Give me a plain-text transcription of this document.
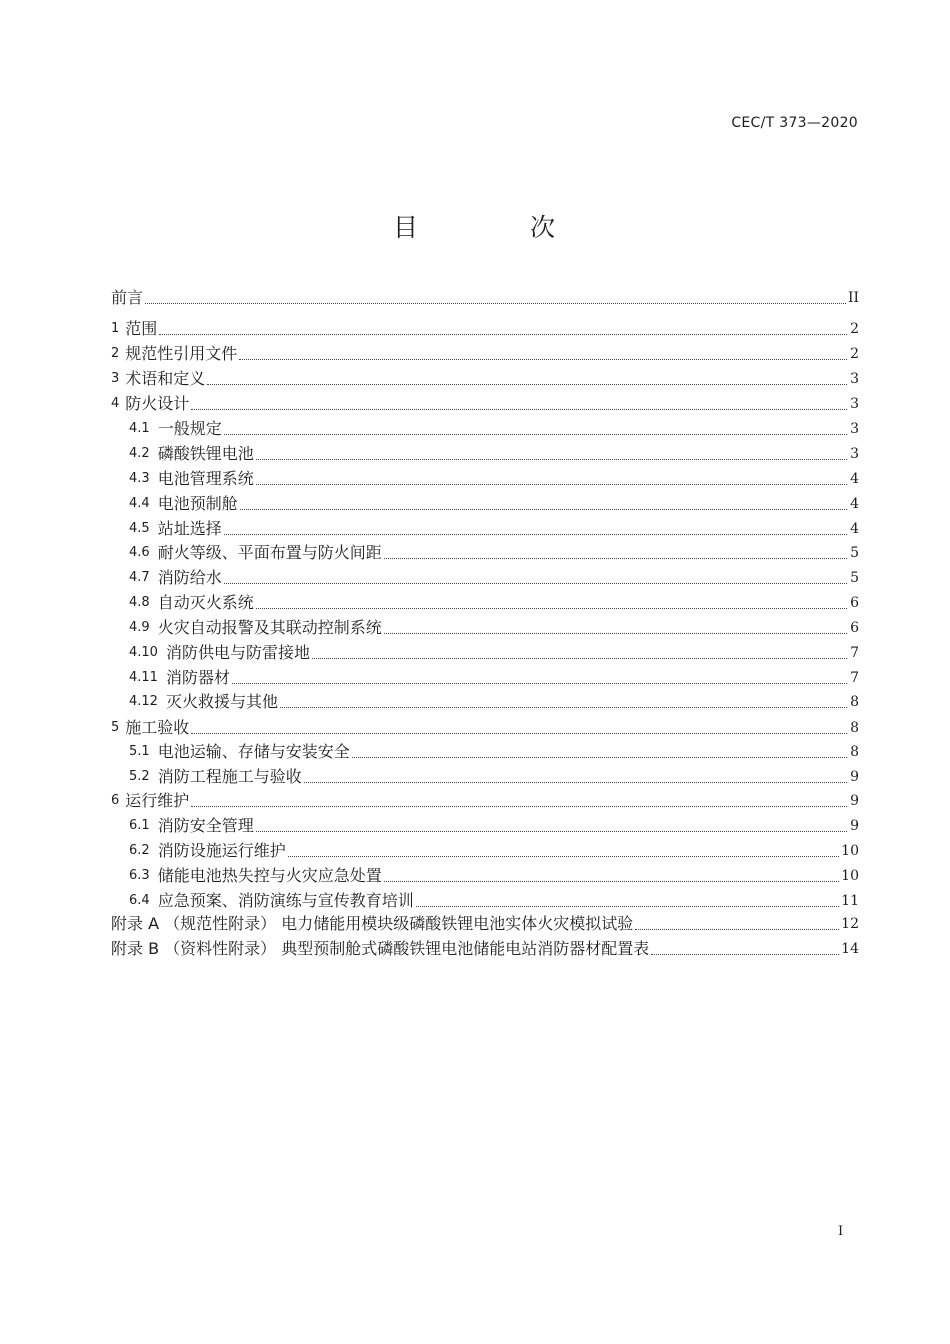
CEC/T 373—2020
目 次
前言	II
1 范围	2
2 规范性引用文件	2
3 术语和定义	3
4 防火设计	3
4.1 一般规定	3
4.2 磷酸铁锂电池	3
4.3 电池管理系统	4
4.4 电池预制舱	4
4.5 站址选择	4
4.6 耐火等级、平面布置与防火间距	5
4.7 消防给水	5
4.8 自动灭火系统	6
4.9 火灾自动报警及其联动控制系统	6
4.10 消防供电与防雷接地	7
4.11 消防器材	7
4.12 灭火救援与其他	8
5 施工验收	8
5.1 电池运输、存储与安装安全	8
5.2 消防工程施工与验收	9
6 运行维护	9
6.1 消防安全管理	9
6.2 消防设施运行维护	10
6.3 储能电池热失控与火灾应急处置	10
6.4 应急预案、消防演练与宣传教育培训	11
附录 A （规范性附录） 电力储能用模块级磷酸铁锂电池实体火灾模拟试验	12
附录 B （资料性附录） 典型预制舱式磷酸铁锂电池储能电站消防器材配置表	14
I
